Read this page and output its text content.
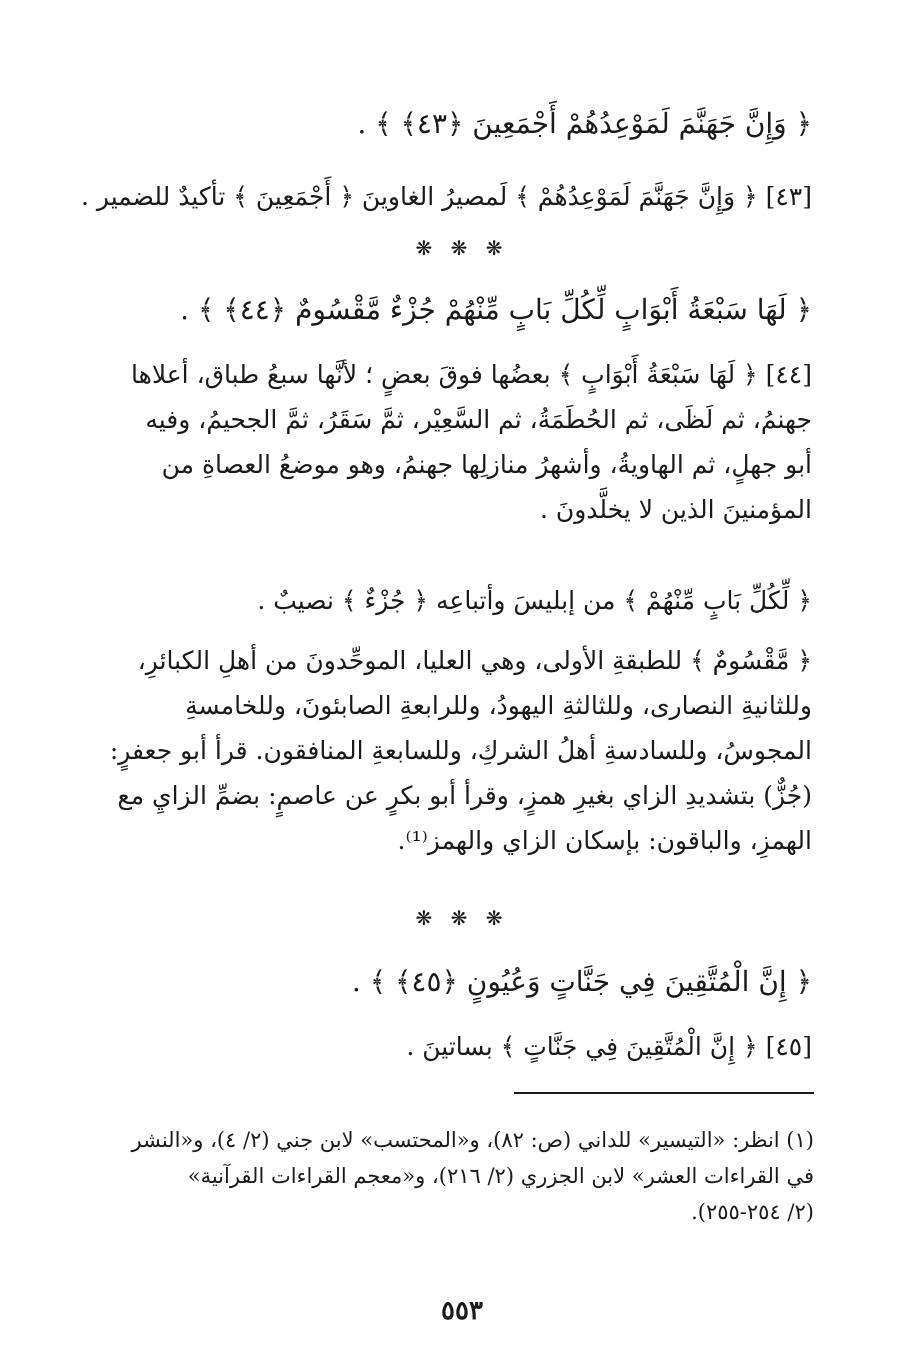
﴿ وَإِنَّ جَهَنَّمَ لَمَوْعِدُهُمْ أَجْمَعِينَ ﴿٤٣﴾ ﴾ .
[٤٣] ﴿ وَإِنَّ جَهَنَّمَ لَمَوْعِدُهُمْ ﴾ لَمصيرُ الغاوينَ ﴿ أَجْمَعِينَ ﴾ تأكيدٌ للضمير .
❋ ❋ ❋
﴿ لَهَا سَبْعَةُ أَبْوَابٍ لِّكُلِّ بَابٍ مِّنْهُمْ جُزْءٌ مَّقْسُومٌ ﴿٤٤﴾ ﴾ .
[٤٤] ﴿ لَهَا سَبْعَةُ أَبْوَابٍ ﴾ بعضُها فوقَ بعضٍ ؛ لأنَّها سبعُ طباق، أعلاها
جهنمُ، ثم لَظَى، ثم الحُطَمَةُ، ثم السَّعِيْر، ثمَّ سَقَرُ، ثمَّ الجحيمُ، وفيه
أبو جهلٍ، ثم الهاويةُ، وأشهرُ منازلِها جهنمُ، وهو موضعُ العصاةِ من
المؤمنينَ الذين لا يخلَّدونَ .
﴿ لِّكُلِّ بَابٍ مِّنْهُمْ ﴾ من إبليسَ وأتباعِه ﴿ جُزْءٌ ﴾ نصيبٌ .
﴿ مَّقْسُومٌ ﴾ للطبقةِ الأولى، وهي العليا، الموحِّدونَ من أهلِ الكبائرِ،
وللثانيةِ النصارى، وللثالثةِ اليهودُ، وللرابعةِ الصابئونَ، وللخامسةِ
المجوسُ، وللسادسةِ أهلُ الشركِ، وللسابعةِ المنافقون. قرأ أبو جعفرٍ:
(جُزٌّ) بتشديدِ الزاي بغيرِ همزٍ، وقرأ أبو بكرٍ عن عاصمٍ: بضمِّ الزايِ مع
الهمزِ، والباقون: بإسكان الزاي والهمز⁽¹⁾.
❋ ❋ ❋
﴿ إِنَّ الْمُتَّقِينَ فِي جَنَّاتٍ وَعُيُونٍ ﴿٤٥﴾ ﴾ .
[٤٥] ﴿ إِنَّ الْمُتَّقِينَ فِي جَنَّاتٍ ﴾ بساتينَ .
(١) انظر: «التيسير» للداني (ص: ٨٢)، و«المحتسب» لابن جني (٢/ ٤)، و«النشر
في القراءات العشر» لابن الجزري (٢/ ٢١٦)، و«معجم القراءات القرآنية»
(٢/ ٢٥٤-٢٥٥).
٥٥٣
